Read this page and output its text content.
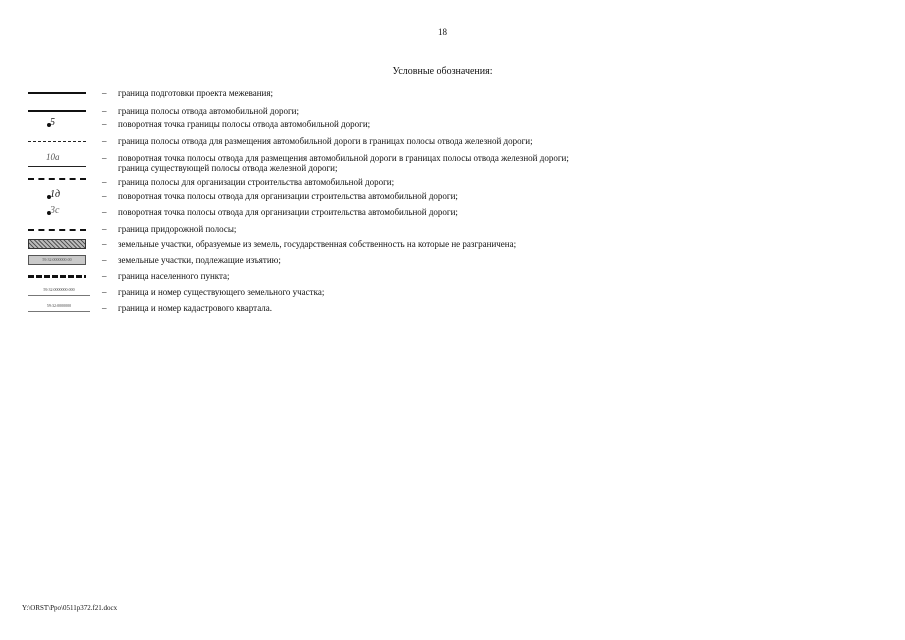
18
Условные обозначения:
– граница подготовки проекта межевания;
– граница полосы отвода автомобильной дороги;
5	– поворотная точка границы полосы отвода автомобильной дороги;
– граница полосы отвода для размещения автомобильной дороги в границах полосы отвода железной дороги;
10а	– поворотная точка полосы отвода для размещения автомобильной дороги в границах полосы отвода железной дороги;
граница существующей полосы отвода железной дороги;
– граница полосы для организации строительства автомобильной дороги;
1д	– поворотная точка полосы отвода для организации строительства автомобильной дороги;
3с	– поворотная точка полосы отвода для организации строительства автомобильной дороги;
– граница придорожной полосы;
– земельные участки, образуемые из земель, государственная собственность на которые не разграничена;
59:32:0000000:00	– земельные участки, подлежащие изъятию;
– граница населенного пункта;
59:32:0000000:000	– граница и номер существующего земельного участка;
59:32:0000000	– граница и номер кадастрового квартала.
Y:\ORST\Ppo\0511p372.f21.docx
